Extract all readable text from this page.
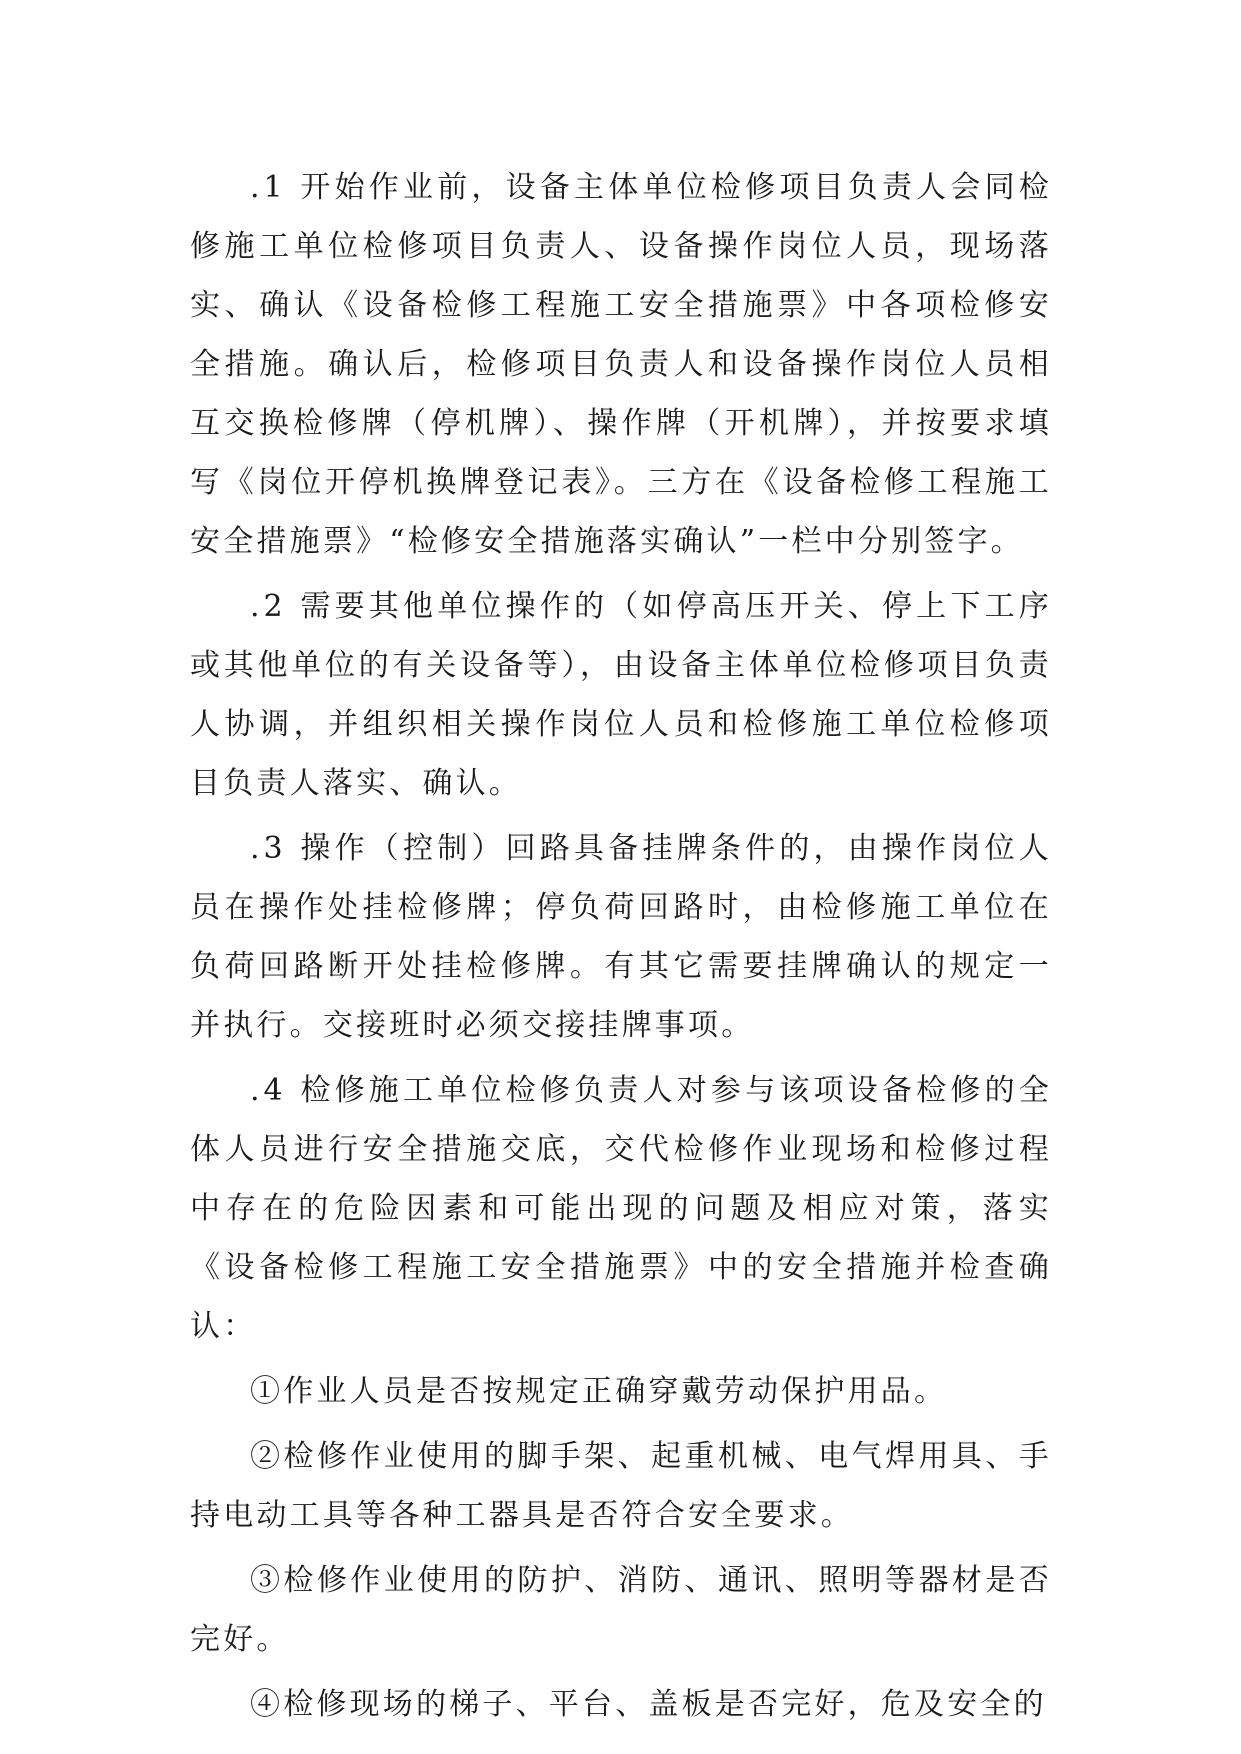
.1 开始作业前，设备主体单位检修项目负责人会同检修施工单位检修项目负责人、设备操作岗位人员，现场落实、确认《设备检修工程施工安全措施票》中各项检修安全措施。确认后，检修项目负责人和设备操作岗位人员相互交换检修牌（停机牌）、操作牌（开机牌），并按要求填写《岗位开停机换牌登记表》。三方在《设备检修工程施工安全措施票》“检修安全措施落实确认”一栏中分别签字。

.2 需要其他单位操作的（如停高压开关、停上下工序或其他单位的有关设备等），由设备主体单位检修项目负责人协调，并组织相关操作岗位人员和检修施工单位检修项目负责人落实、确认。

.3 操作（控制）回路具备挂牌条件的，由操作岗位人员在操作处挂检修牌；停负荷回路时，由检修施工单位在负荷回路断开处挂检修牌。有其它需要挂牌确认的规定一并执行。交接班时必须交接挂牌事项。

.4 检修施工单位检修负责人对参与该项设备检修的全体人员进行安全措施交底，交代检修作业现场和检修过程中存在的危险因素和可能出现的问题及相应对策，落实《设备检修工程施工安全措施票》中的安全措施并检查确认：

①作业人员是否按规定正确穿戴劳动保护用品。

②检修作业使用的脚手架、起重机械、电气焊用具、手持电动工具等各种工器具是否符合安全要求。

③检修作业使用的防护、消防、通讯、照明等器材是否完好。

④检修现场的梯子、平台、盖板是否完好，危及安全的
